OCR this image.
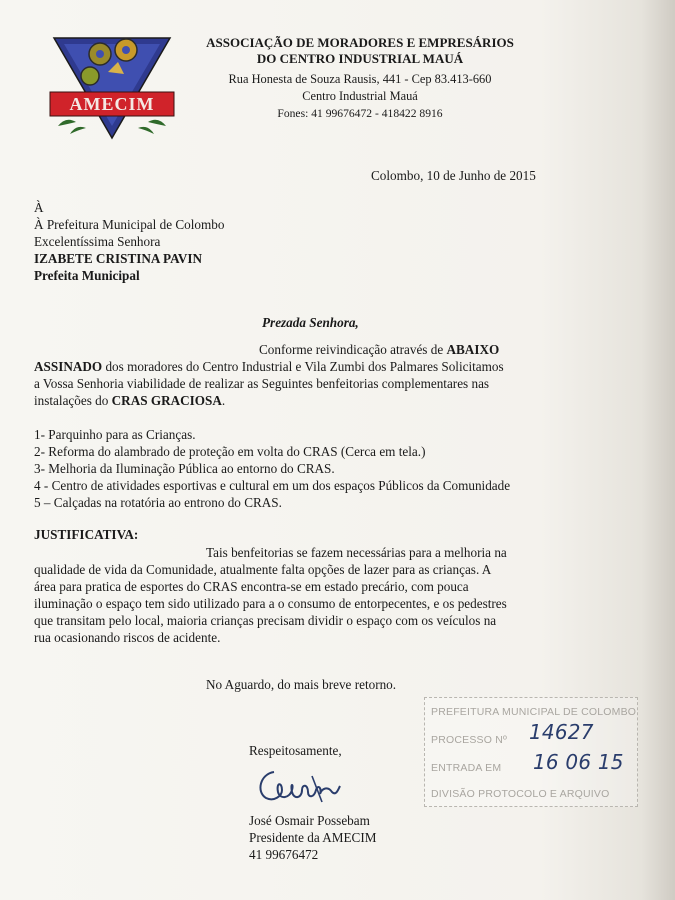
AMECIM
ASSOCIAÇÃO DE MORADORES E EMPRESÁRIOS
DO CENTRO INDUSTRIAL MAUÁ
Rua Honesta de Souza Rausis, 441 - Cep 83.413-660
Centro Industrial Mauá
Fones: 41 99676472 - 418422 8916
Colombo, 10 de Junho de 2015
À
À Prefeitura Municipal de Colombo
Excelentíssima Senhora
IZABETE CRISTINA PAVIN
Prefeita Municipal
Prezada Senhora,
Conforme reivindicação através de ABAIXO
ASSINADO dos moradores do Centro Industrial e Vila Zumbi dos Palmares Solicitamos
a Vossa Senhoria viabilidade de realizar as Seguintes benfeitorias complementares nas
instalações do CRAS GRACIOSA.
1- Parquinho para as Crianças.
2- Reforma do alambrado de proteção em volta do CRAS (Cerca em tela.)
3- Melhoria da Iluminação Pública ao entorno do CRAS.
4 - Centro de atividades esportivas e cultural em um dos espaços Públicos da Comunidade
5 – Calçadas na rotatória ao entrono do CRAS.
JUSTIFICATIVA:
Tais benfeitorias se fazem necessárias para a melhoria na
qualidade de vida da Comunidade, atualmente falta opções de lazer para as crianças. A
área para pratica de esportes do CRAS encontra-se em estado precário, com pouca
iluminação o espaço tem sido utilizado para a o consumo de entorpecentes, e os pedestres
que transitam pelo local, maioria crianças precisam dividir o espaço com os veículos na
rua ocasionando riscos de acidente.
No Aguardo, do mais breve retorno.
Respeitosamente,
José Osmair Possebam
Presidente da AMECIM
41 99676472
PREFEITURA MUNICIPAL DE COLOMBO
PROCESSO Nº
ENTRADA EM
DIVISÃO PROTOCOLO E ARQUIVO
14627
16 06 15
